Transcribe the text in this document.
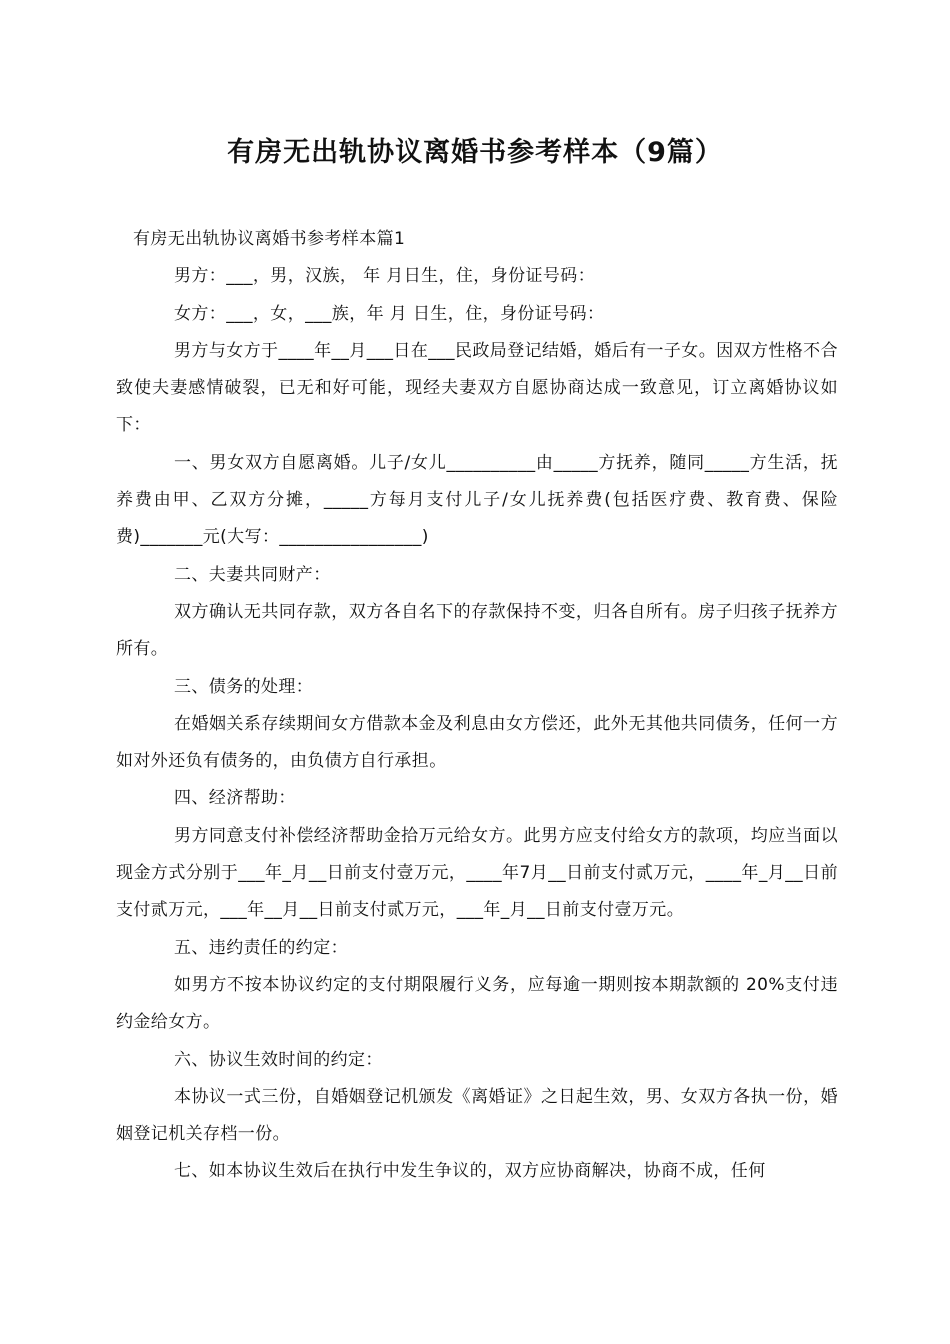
有房无出轨协议离婚书参考样本（9篇）

有房无出轨协议离婚书参考样本篇1

男方：___，男，汉族， 年 月日生，住，身份证号码：

女方：___，女，___族，年 月 日生，住，身份证号码：

男方与女方于____年__月___日在___民政局登记结婚，婚后有一子女。因双方性格不合致使夫妻感情破裂，已无和好可能，现经夫妻双方自愿协商达成一致意见，订立离婚协议如下：

一、男女双方自愿离婚。儿子/女儿__________由_____方抚养，随同_____方生活，抚养费由甲、乙双方分摊，_____方每月支付儿子/女儿抚养费(包括医疗费、教育费、保险费)_______元(大写：________________)

二、夫妻共同财产：

双方确认无共同存款，双方各自名下的存款保持不变，归各自所有。房子归孩子抚养方所有。

三、债务的处理：

在婚姻关系存续期间女方借款本金及利息由女方偿还，此外无其他共同债务，任何一方如对外还负有债务的，由负债方自行承担。

四、经济帮助：

男方同意支付补偿经济帮助金拾万元给女方。此男方应支付给女方的款项，均应当面以现金方式分别于___年_月__日前支付壹万元，____年7月__日前支付贰万元，____年_月__日前支付贰万元，___年__月__日前支付贰万元，___年_月__日前支付壹万元。

五、违约责任的约定：

如男方不按本协议约定的支付期限履行义务，应每逾一期则按本期款额的 20%支付违约金给女方。

六、协议生效时间的约定：

本协议一式三份，自婚姻登记机颁发《离婚证》之日起生效，男、女双方各执一份，婚姻登记机关存档一份。

七、如本协议生效后在执行中发生争议的，双方应协商解决，协商不成，任何
